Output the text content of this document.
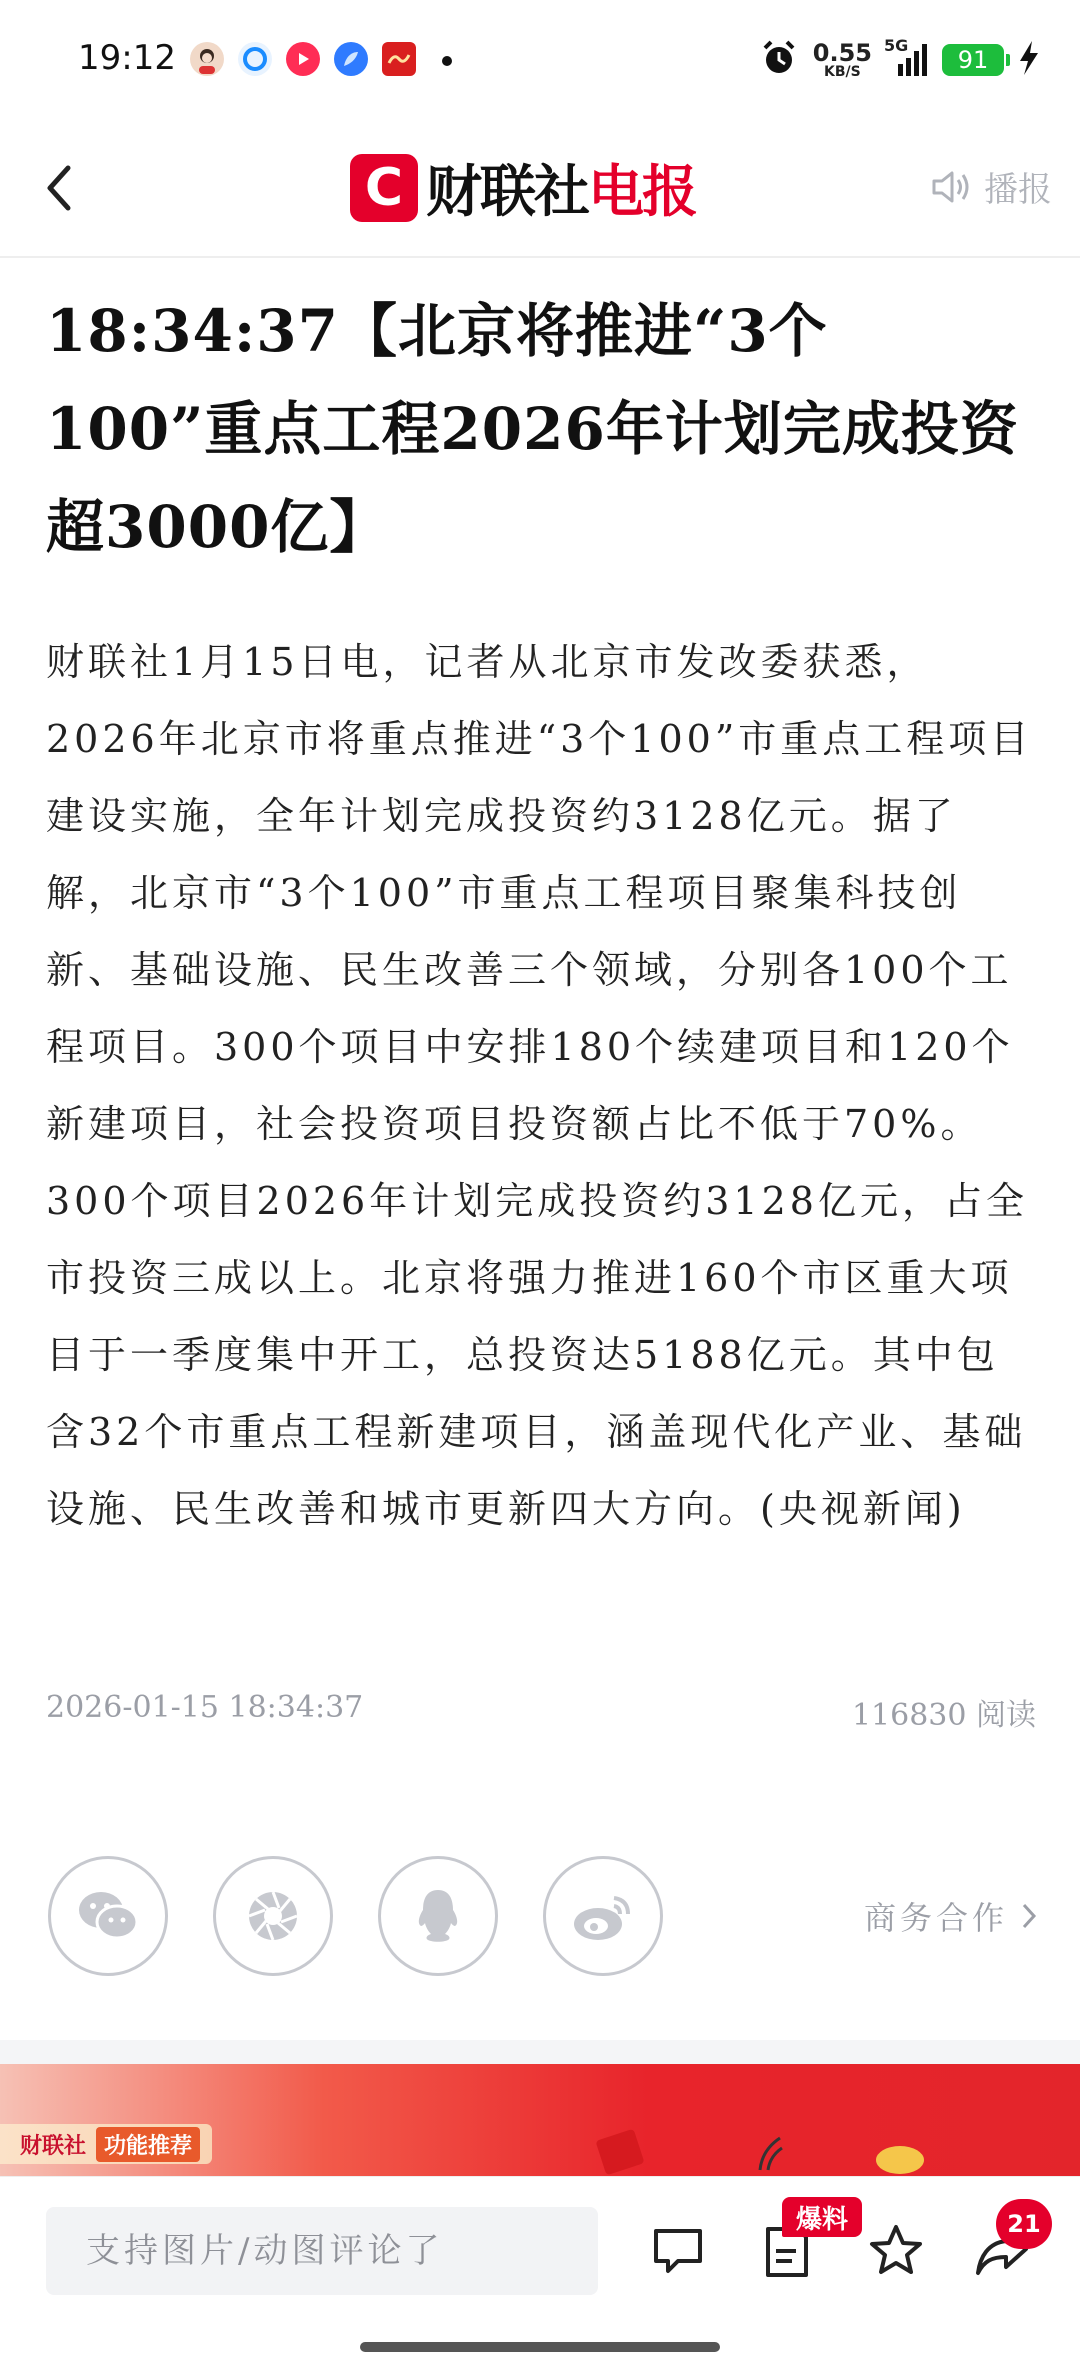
19:12	0.55
KB/S
5G
91
C 财联社电报	播报
18:34:37【北京将推进“3个100”重点工程2026年计划完成投资超3000亿】

财联社1月15日电，记者从北京市发改委获悉，2026年北京市将重点推进“3个100”市重点工程项目建设实施，全年计划完成投资约3128亿元。据了解，北京市“3个100”市重点工程项目聚集科技创新、基础设施、民生改善三个领域，分别各100个工程项目。300个项目中安排180个续建项目和120个新建项目，社会投资项目投资额占比不低于70%。300个项目2026年计划完成投资约3128亿元，占全市投资三成以上。北京将强力推进160个市区重大项目于一季度集中开工，总投资达5188亿元。其中包含32个市重点工程新建项目，涵盖现代化产业、基础设施、民生改善和城市更新四大方向。(央视新闻)

2026-01-15 18:34:37	116830 阅读
商务合作
财联社 功能推荐
支持图片/动图评论了
爆料	21
